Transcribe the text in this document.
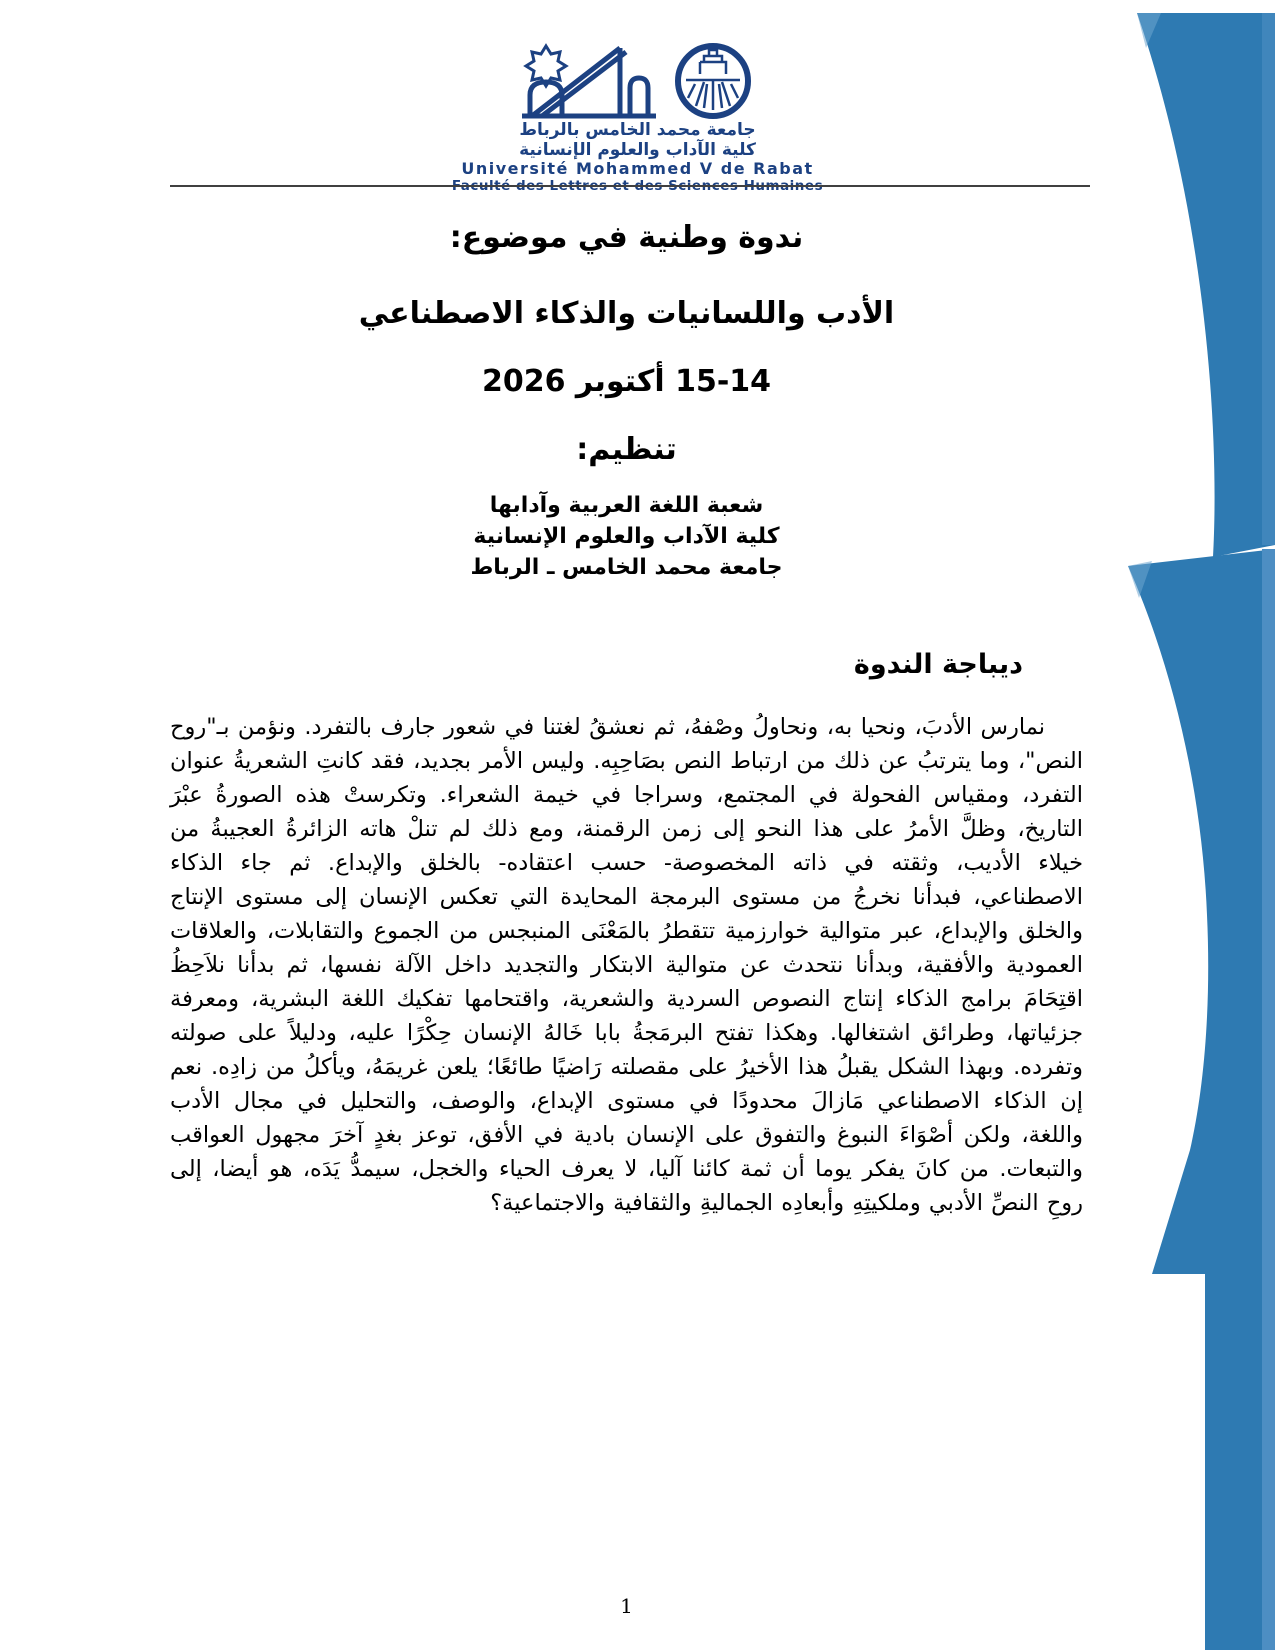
جامعة محمد الخامس بالرباط
كلية الآداب والعلوم الإنسانية
Université Mohammed V de Rabat
Faculté des Lettres et des Sciences Humaines
ندوة وطنية في موضوع:
الأدب واللسانيات والذكاء الاصطناعي
15-14 أكتوبر 2026
تنظيم:
شعبة اللغة العربية وآدابها
كلية الآداب والعلوم الإنسانية
جامعة محمد الخامس ـ الرباط
ديباجة الندوة

نمارس الأدبَ، ونحيا به، ونحاولُ وصْفهُ، ثم نعشقُ لغتنا في شعور جارف بالتفرد. ونؤمن بـ"روح النص"، وما يترتبُ عن ذلك من ارتباط النص بصَاحِبِه. وليس الأمر بجديد، فقد كانتِ الشعريةُ عنوان التفرد، ومقياس الفحولة في المجتمع، وسراجا في خيمة الشعراء. وتكرستْ هذه الصورةُ عبْرَ التاريخ، وظلَّ الأمرُ على هذا النحو إلى زمن الرقمنة، ومع ذلك لم تنلْ هاته الزائرةُ العجيبةُ من خيلاء الأديب، وثقته في ذاته المخصوصة- حسب اعتقاده- بالخلق والإبداع. ثم جاء الذكاء الاصطناعي، فبدأنا نخرجُ من مستوى البرمجة المحايدة التي تعكس الإنسان إلى مستوى الإنتاج والخلق والإبداع، عبر متوالية خوارزمية تتقطرُ بالمَعْنَى المنبجس من الجموع والتقابلات، والعلاقات العمودية والأفقية، وبدأنا نتحدث عن متوالية الابتكار والتجديد داخل الآلة نفسها، ثم بدأنا نلاَحِظُ اقتِحَامَ برامج الذكاء إنتاج النصوص السردية والشعرية، واقتحامها تفكيك اللغة البشرية، ومعرفة جزئياتها، وطرائق اشتغالها. وهكذا تفتح البرمَجةُ بابا خَالهُ الإنسان حِكْرًا عليه، ودليلاً على صولته وتفرده. وبهذا الشكل يقبلُ هذا الأخيرُ على مقصلته رَاضيًا طائعًا؛ يلعن غريمَهُ، ويأكلُ من زادِه. نعم إن الذكاء الاصطناعي مَازالَ محدودًا في مستوى الإبداع، والوصف، والتحليل في مجال الأدب واللغة، ولكن أصْوَاءَ النبوغ والتفوق على الإنسان بادية في الأفق، توعز بغدٍ آخرَ مجهول العواقب والتبعات. من كانَ يفكر يوما أن ثمة كائنا آليا، لا يعرف الحياء والخجل، سيمدُّ يَدَه، هو أيضا، إلى روحِ النصِّ الأدبي وملكيتِهِ وأبعادِه الجماليةِ والثقافية والاجتماعية؟

1
